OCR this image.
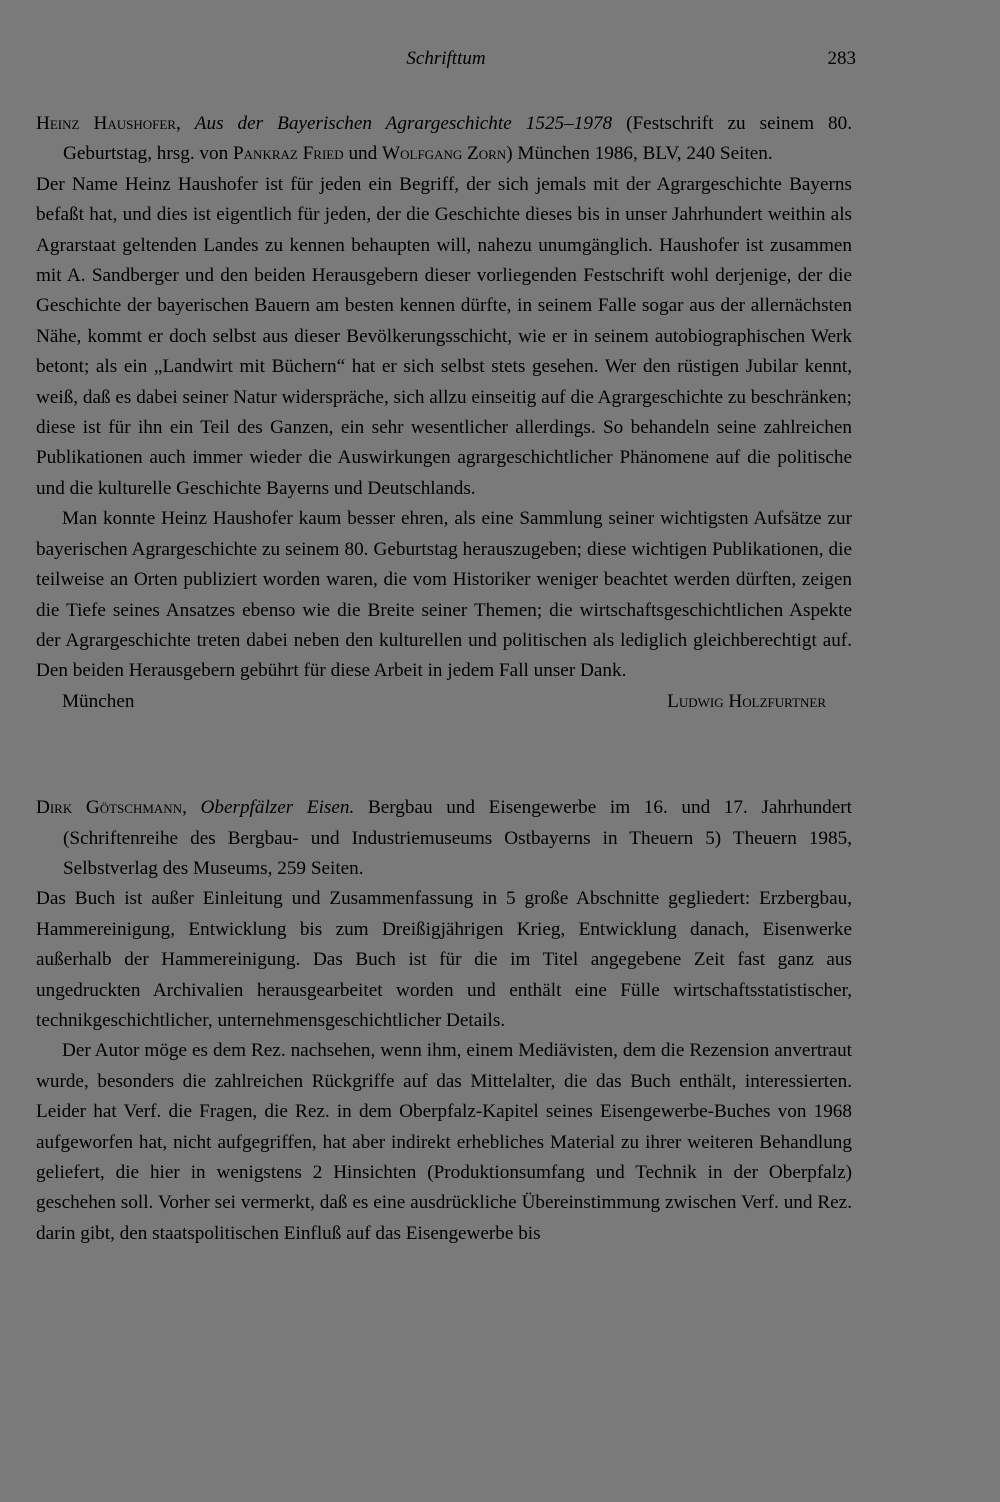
Schrifttum	283

Heinz Haushofer, Aus der Bayerischen Agrargeschichte 1525–1978 (Festschrift zu seinem 80. Geburtstag, hrsg. von Pankraz Fried und Wolfgang Zorn) München 1986, BLV, 240 Seiten.

Der Name Heinz Haushofer ist für jeden ein Begriff, der sich jemals mit der Agrargeschichte Bayerns befaßt hat, und dies ist eigentlich für jeden, der die Geschichte dieses bis in unser Jahrhundert weithin als Agrarstaat geltenden Landes zu kennen behaupten will, nahezu unumgänglich. Haushofer ist zusammen mit A. Sandberger und den beiden Herausgebern dieser vorliegenden Festschrift wohl derjenige, der die Geschichte der bayerischen Bauern am besten kennen dürfte, in seinem Falle sogar aus der allernächsten Nähe, kommt er doch selbst aus dieser Bevölkerungsschicht, wie er in seinem autobiographischen Werk betont; als ein „Landwirt mit Büchern“ hat er sich selbst stets gesehen. Wer den rüstigen Jubilar kennt, weiß, daß es dabei seiner Natur widerspräche, sich allzu einseitig auf die Agrargeschichte zu beschränken; diese ist für ihn ein Teil des Ganzen, ein sehr wesentlicher allerdings. So behandeln seine zahlreichen Publikationen auch immer wieder die Auswirkungen agrargeschichtlicher Phänomene auf die politische und die kulturelle Geschichte Bayerns und Deutschlands.

Man konnte Heinz Haushofer kaum besser ehren, als eine Sammlung seiner wichtigsten Aufsätze zur bayerischen Agrargeschichte zu seinem 80. Geburtstag herauszugeben; diese wichtigen Publikationen, die teilweise an Orten publiziert worden waren, die vom Historiker weniger beachtet werden dürften, zeigen die Tiefe seines Ansatzes ebenso wie die Breite seiner Themen; die wirtschaftsgeschichtlichen Aspekte der Agrargeschichte treten dabei neben den kulturellen und politischen als lediglich gleichberechtigt auf. Den beiden Herausgebern gebührt für diese Arbeit in jedem Fall unser Dank.

München	Ludwig Holzfurtner

Dirk Götschmann, Oberpfälzer Eisen. Bergbau und Eisengewerbe im 16. und 17. Jahrhundert (Schriftenreihe des Bergbau- und Industriemuseums Ostbayerns in Theuern 5) Theuern 1985, Selbstverlag des Museums, 259 Seiten.

Das Buch ist außer Einleitung und Zusammenfassung in 5 große Abschnitte gegliedert: Erzbergbau, Hammereinigung, Entwicklung bis zum Dreißigjährigen Krieg, Entwicklung danach, Eisenwerke außerhalb der Hammereinigung. Das Buch ist für die im Titel angegebene Zeit fast ganz aus ungedruckten Archivalien herausgearbeitet worden und enthält eine Fülle wirtschaftsstatistischer, technikgeschichtlicher, unternehmensgeschichtlicher Details.

Der Autor möge es dem Rez. nachsehen, wenn ihm, einem Mediävisten, dem die Rezension anvertraut wurde, besonders die zahlreichen Rückgriffe auf das Mittelalter, die das Buch enthält, interessierten. Leider hat Verf. die Fragen, die Rez. in dem Oberpfalz-Kapitel seines Eisengewerbe-Buches von 1968 aufgeworfen hat, nicht aufgegriffen, hat aber indirekt erhebliches Material zu ihrer weiteren Behandlung geliefert, die hier in wenigstens 2 Hinsichten (Produktionsumfang und Technik in der Oberpfalz) geschehen soll. Vorher sei vermerkt, daß es eine ausdrückliche Übereinstimmung zwischen Verf. und Rez. darin gibt, den staatspolitischen Einfluß auf das Eisengewerbe bis
